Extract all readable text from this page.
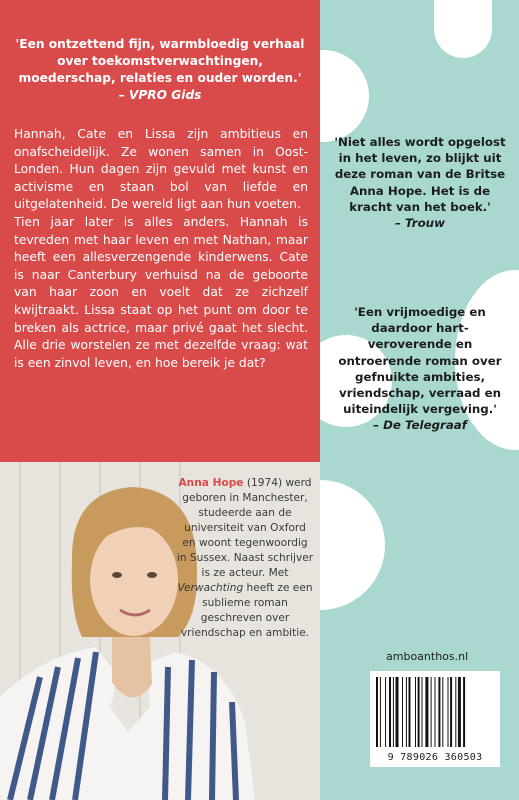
'Een ontzettend fijn, warmbloedig verhaal over toekomstverwachtingen, moederschap, relaties en ouder worden.' – VPRO Gids

Hannah, Cate en Lissa zijn ambitieus en onafscheidelijk. Ze wonen samen in Oost-Londen. Hun dagen zijn gevuld met kunst en activisme en staan bol van liefde en uitgelatenheid. De wereld ligt aan hun voeten.

Tien jaar later is alles anders. Hannah is tevreden met haar leven en met Nathan, maar heeft een allesverzengende kinderwens. Cate is naar Canterbury verhuisd na de geboorte van haar zoon en voelt dat ze zichzelf kwijtraakt. Lissa staat op het punt om door te breken als actrice, maar privé gaat het slecht. Alle drie worstelen ze met dezelfde vraag: wat is een zinvol leven, en hoe bereik je dat?

'Niet alles wordt opgelost in het leven, zo blijkt uit deze roman van de Britse Anna Hope. Het is de kracht van het boek.'
– Trouw
'Een vrijmoedige en daardoor hartveroverende en ontroerende roman over gefnuikte ambities, vriendschap, verraad en uiteindelijk vergeving.'
– De Telegraaf
Anna Hope (1974) werd geboren in Manchester, studeerde aan de universiteit van Oxford en woont tegenwoordig in Sussex. Naast schrijver is ze acteur. Met Verwachting heeft ze een sublieme roman geschreven over vriendschap en ambitie.
amboanthos.nl
9 789026 360503
